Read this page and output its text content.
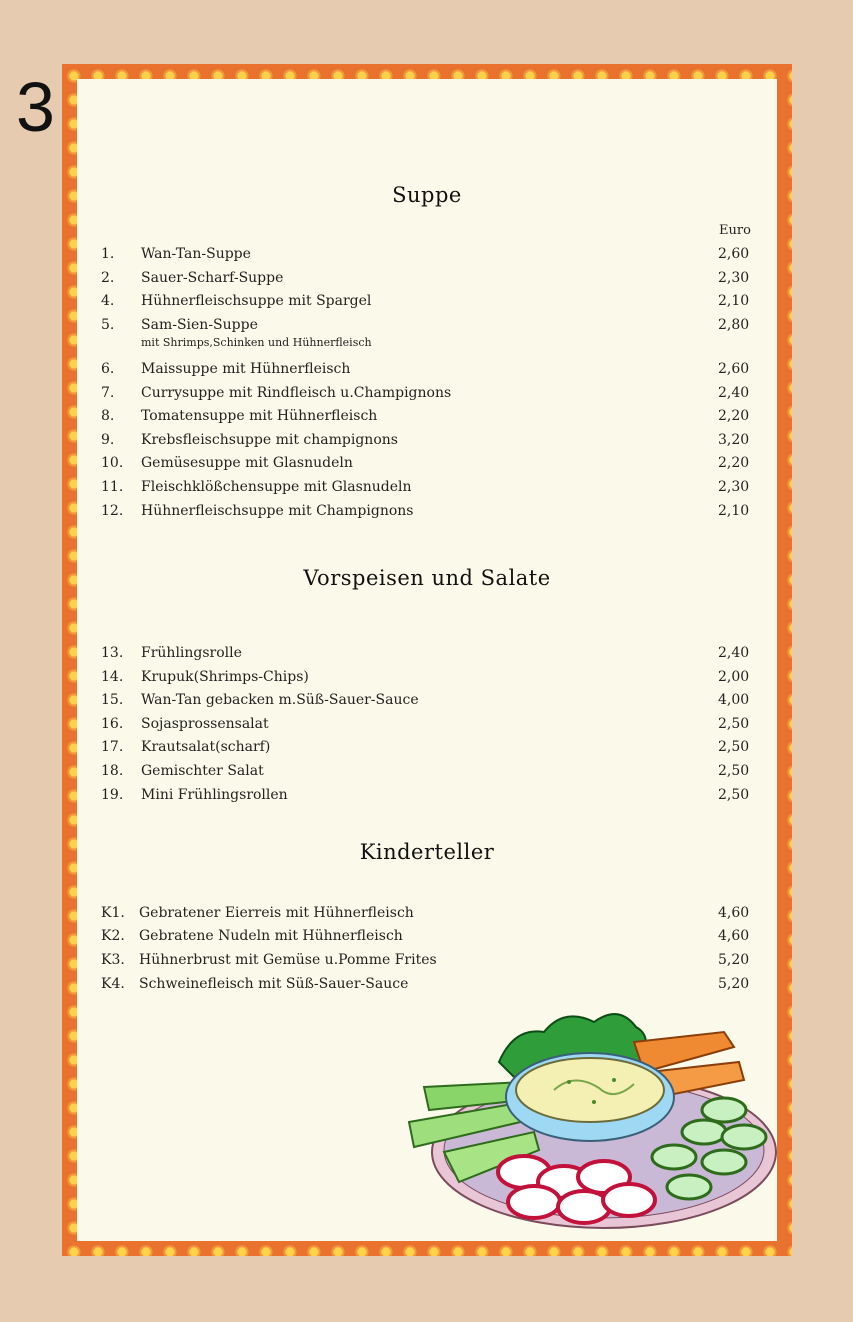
3
Suppe
Euro
1. Wan-Tan-Suppe	2,60
2. Sauer-Scharf-Suppe	2,30
4. Hühnerfleischsuppe mit Spargel	2,10
5. Sam-Sien-Suppe	2,80
mit Shrimps,Schinken und Hühnerfleisch
6. Maissuppe mit Hühnerfleisch	2,60
7. Currysuppe mit Rindfleisch u.Champignons	2,40
8. Tomatensuppe mit Hühnerfleisch	2,20
9. Krebsfleischsuppe mit champignons	3,20
10. Gemüsesuppe mit Glasnudeln	2,20
11. Fleischklößchensuppe mit Glasnudeln	2,30
12. Hühnerfleischsuppe mit Champignons	2,10
Vorspeisen und Salate
13. Frühlingsrolle	2,40
14. Krupuk(Shrimps-Chips)	2,00
15. Wan-Tan gebacken m.Süß-Sauer-Sauce	4,00
16. Sojasprossensalat	2,50
17. Krautsalat(scharf)	2,50
18. Gemischter Salat	2,50
19. Mini Frühlingsrollen	2,50
Kinderteller
K1. Gebratener Eierreis mit Hühnerfleisch	4,60
K2. Gebratene Nudeln mit Hühnerfleisch	4,60
K3. Hühnerbrust mit Gemüse u.Pomme Frites	5,20
K4. Schweinefleisch mit Süß-Sauer-Sauce	5,20
